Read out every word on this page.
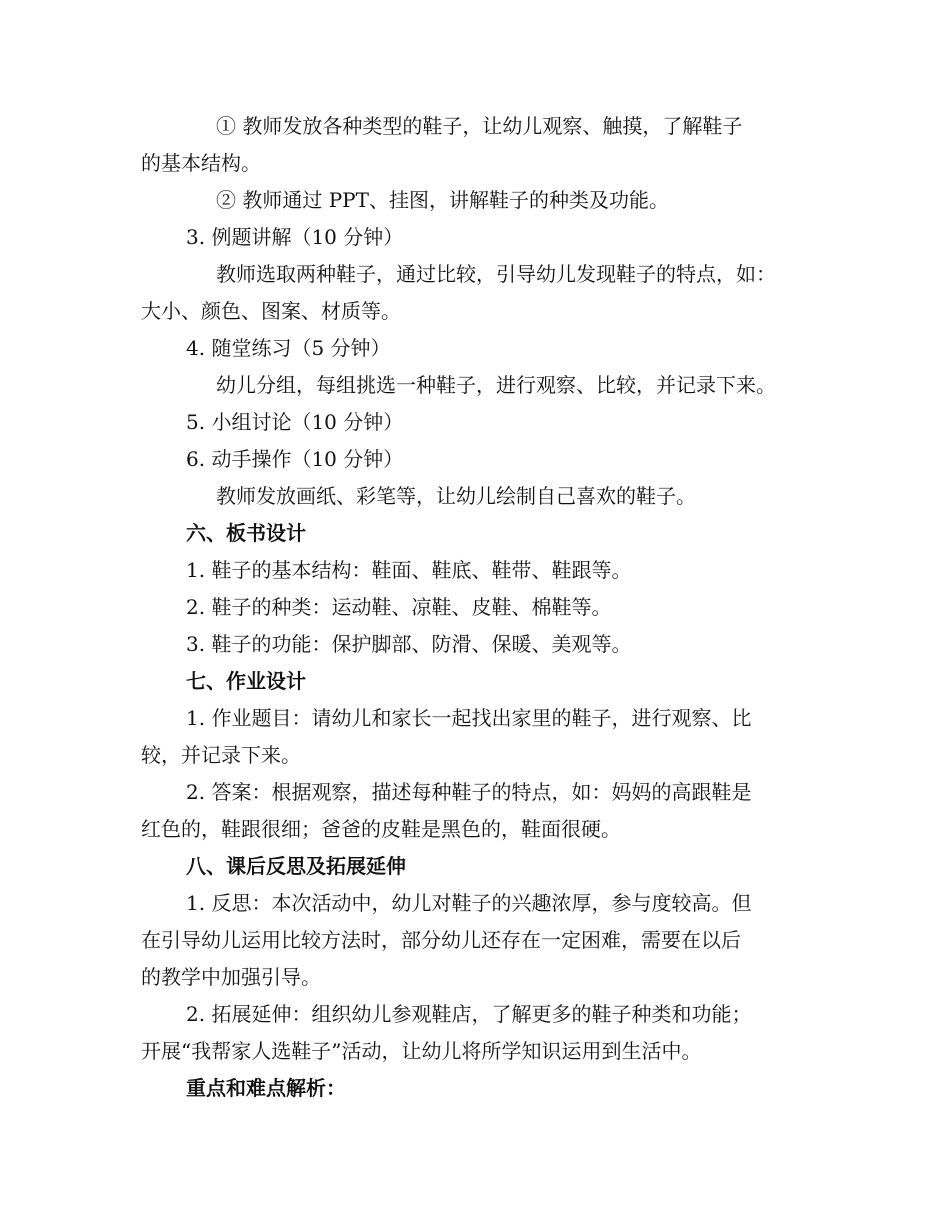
① 教师发放各种类型的鞋子，让幼儿观察、触摸，了解鞋子
的基本结构。
② 教师通过 PPT、挂图，讲解鞋子的种类及功能。
3. 例题讲解（10 分钟）
教师选取两种鞋子，通过比较，引导幼儿发现鞋子的特点，如：
大小、颜色、图案、材质等。
4. 随堂练习（5 分钟）
幼儿分组，每组挑选一种鞋子，进行观察、比较，并记录下来。
5. 小组讨论（10 分钟）
6. 动手操作（10 分钟）
教师发放画纸、彩笔等，让幼儿绘制自己喜欢的鞋子。
六、板书设计
1. 鞋子的基本结构：鞋面、鞋底、鞋带、鞋跟等。
2. 鞋子的种类：运动鞋、凉鞋、皮鞋、棉鞋等。
3. 鞋子的功能：保护脚部、防滑、保暖、美观等。
七、作业设计
1. 作业题目：请幼儿和家长一起找出家里的鞋子，进行观察、比
较，并记录下来。
2. 答案：根据观察，描述每种鞋子的特点，如：妈妈的高跟鞋是
红色的，鞋跟很细；爸爸的皮鞋是黑色的，鞋面很硬。
八、课后反思及拓展延伸
1. 反思：本次活动中，幼儿对鞋子的兴趣浓厚，参与度较高。但
在引导幼儿运用比较方法时，部分幼儿还存在一定困难，需要在以后
的教学中加强引导。
2. 拓展延伸：组织幼儿参观鞋店，了解更多的鞋子种类和功能；
开展“我帮家人选鞋子”活动，让幼儿将所学知识运用到生活中。
重点和难点解析：
